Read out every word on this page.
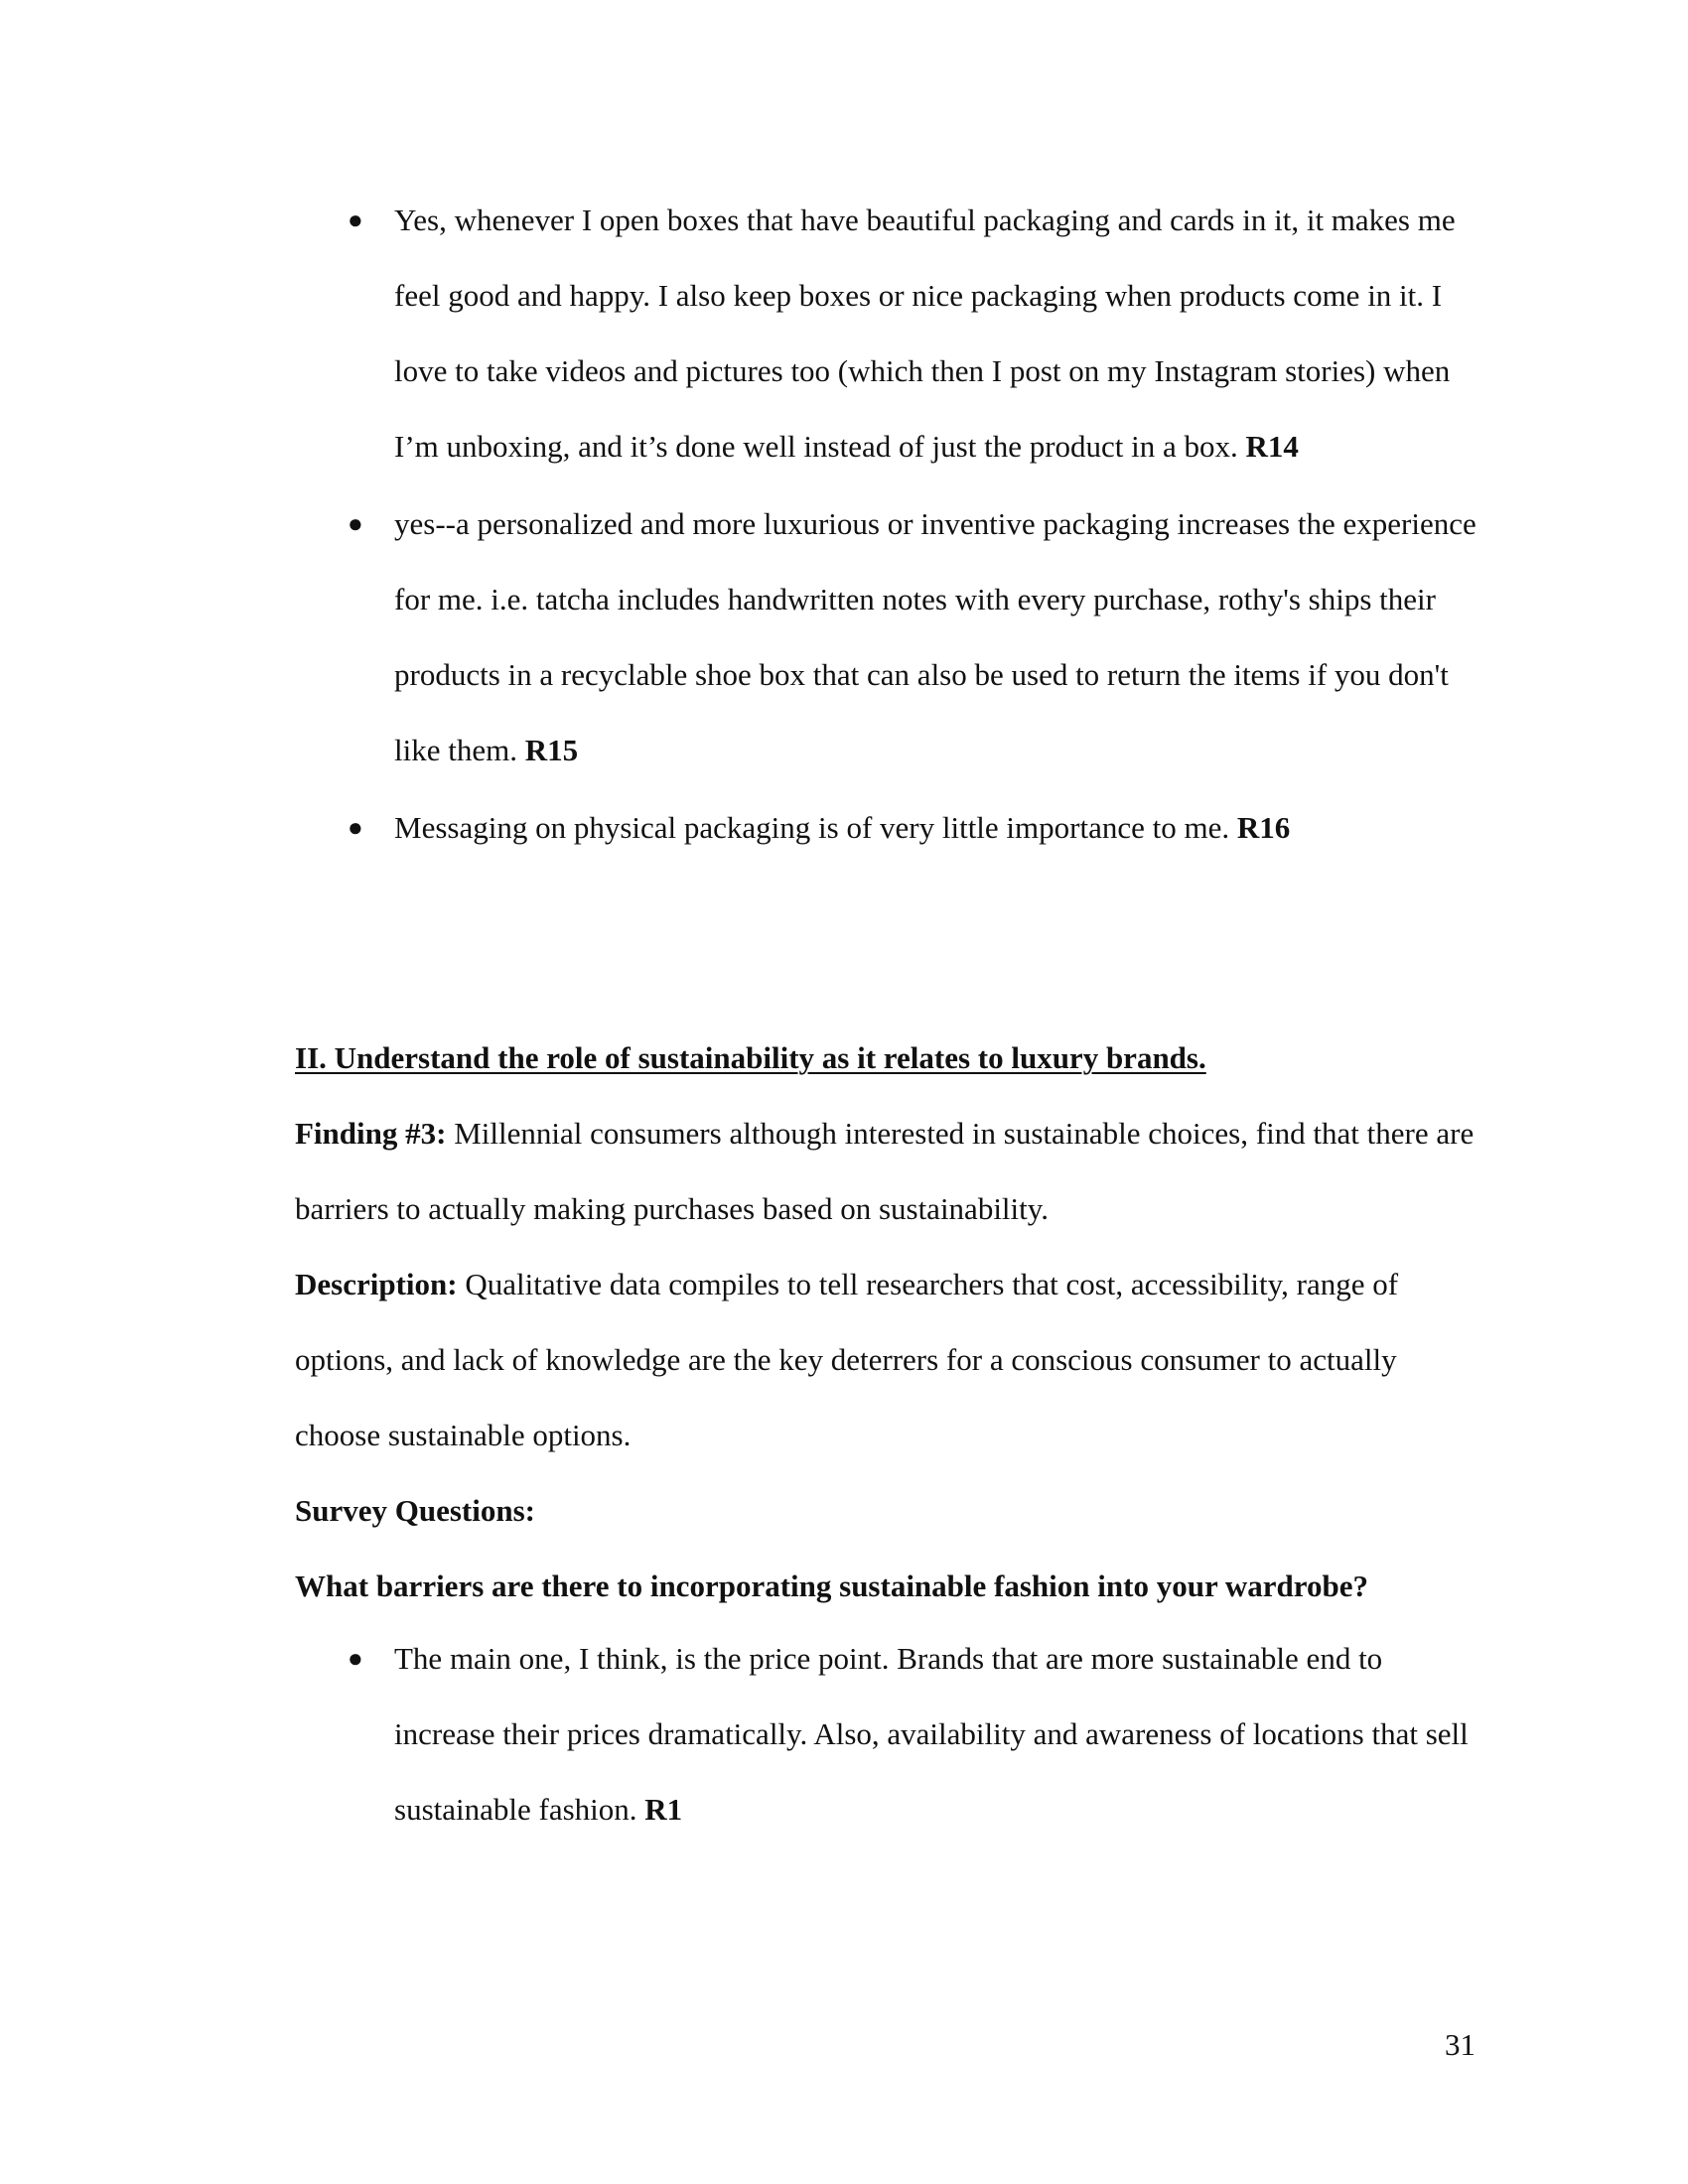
● Yes, whenever I open boxes that have beautiful packaging and cards in it, it makes me feel good and happy. I also keep boxes or nice packaging when products come in it. I love to take videos and pictures too (which then I post on my Instagram stories) when I’m unboxing, and it’s done well instead of just the product in a box. R14
● yes--a personalized and more luxurious or inventive packaging increases the experience for me. i.e. tatcha includes handwritten notes with every purchase, rothy's ships their products in a recyclable shoe box that can also be used to return the items if you don't like them. R15
● Messaging on physical packaging is of very little importance to me. R16
II. Understand the role of sustainability as it relates to luxury brands.
Finding #3: Millennial consumers although interested in sustainable choices, find that there are barriers to actually making purchases based on sustainability.
Description: Qualitative data compiles to tell researchers that cost, accessibility, range of options, and lack of knowledge are the key deterrers for a conscious consumer to actually choose sustainable options.
Survey Questions:
What barriers are there to incorporating sustainable fashion into your wardrobe?
● The main one, I think, is the price point. Brands that are more sustainable end to increase their prices dramatically. Also, availability and awareness of locations that sell sustainable fashion. R1
31
